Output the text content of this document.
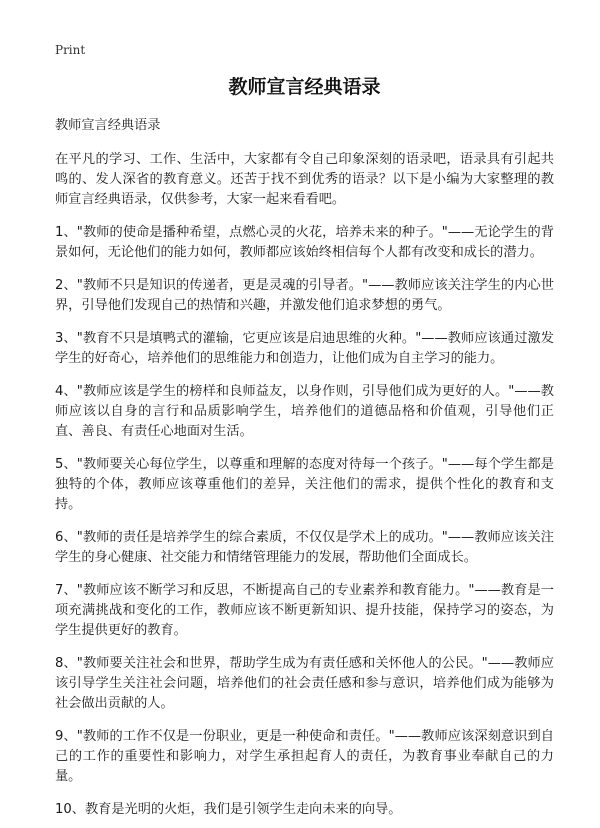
Print
教师宣言经典语录
教师宣言经典语录
在平凡的学习、工作、生活中，大家都有令自己印象深刻的语录吧，语录具有引起共鸣的、发人深省的教育意义。还苦于找不到优秀的语录？以下是小编为大家整理的教师宣言经典语录，仅供参考，大家一起来看看吧。
1、"教师的使命是播种希望，点燃心灵的火花，培养未来的种子。"——无论学生的背景如何，无论他们的能力如何，教师都应该始终相信每个人都有改变和成长的潜力。
2、"教师不只是知识的传递者，更是灵魂的引导者。"——教师应该关注学生的内心世界，引导他们发现自己的热情和兴趣，并激发他们追求梦想的勇气。
3、"教育不只是填鸭式的灌输，它更应该是启迪思维的火种。"——教师应该通过激发学生的好奇心，培养他们的思维能力和创造力，让他们成为自主学习的能力。
4、"教师应该是学生的榜样和良师益友，以身作则，引导他们成为更好的人。"——教师应该以自身的言行和品质影响学生，培养他们的道德品格和价值观，引导他们正直、善良、有责任心地面对生活。
5、"教师要关心每位学生，以尊重和理解的态度对待每一个孩子。"——每个学生都是独特的个体，教师应该尊重他们的差异，关注他们的需求，提供个性化的教育和支持。
6、"教师的责任是培养学生的综合素质，不仅仅是学术上的成功。"——教师应该关注学生的身心健康、社交能力和情绪管理能力的发展，帮助他们全面成长。
7、"教师应该不断学习和反思，不断提高自己的专业素养和教育能力。"——教育是一项充满挑战和变化的工作，教师应该不断更新知识、提升技能，保持学习的姿态，为学生提供更好的教育。
8、"教师要关注社会和世界，帮助学生成为有责任感和关怀他人的公民。"——教师应该引导学生关注社会问题，培养他们的社会责任感和参与意识，培养他们成为能够为社会做出贡献的人。
9、"教师的工作不仅是一份职业，更是一种使命和责任。"——教师应该深刻意识到自己的工作的重要性和影响力，对学生承担起育人的责任，为教育事业奉献自己的力量。
10、教育是光明的火炬，我们是引领学生走向未来的向导。
